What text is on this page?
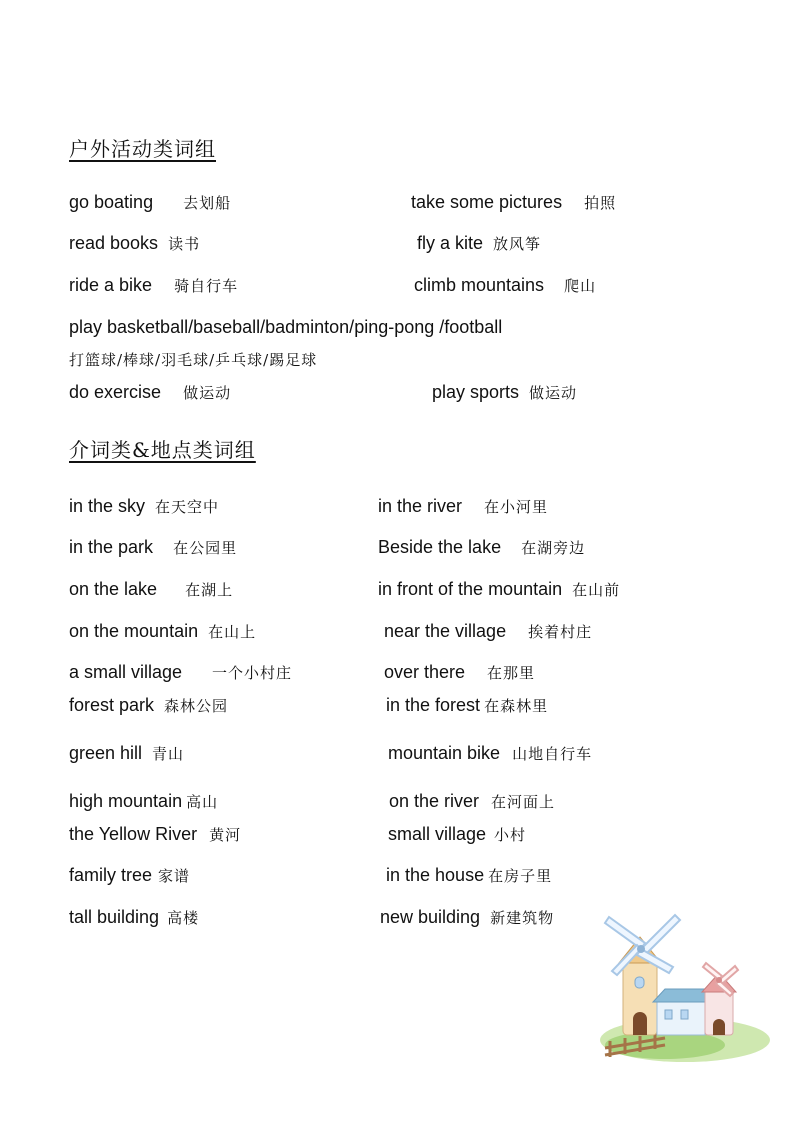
户外活动类词组
go boating 去划船	take some pictures 拍照
read books 读书	fly a kite 放风筝
ride a bike 骑自行车	climb mountains 爬山
play basketball/baseball/badminton/ping-pong /football
打篮球/棒球/羽毛球/乒乓球/踢足球
do exercise 做运动	play sports 做运动
介词类&地点类词组
in the sky 在天空中	in the river 在小河里
in the park 在公园里	Beside the lake 在湖旁边
on the lake 在湖上	in front of the mountain 在山前
on the mountain 在山上	near the village 挨着村庄
a small village 一个小村庄	over there 在那里
forest park 森林公园	in the forest 在森林里
green hill 青山	mountain bike 山地自行车
high mountain 高山	on the river 在河面上
the Yellow River 黄河	small village 小村
family tree 家谱	in the house 在房子里
tall building 高楼	new building 新建筑物
